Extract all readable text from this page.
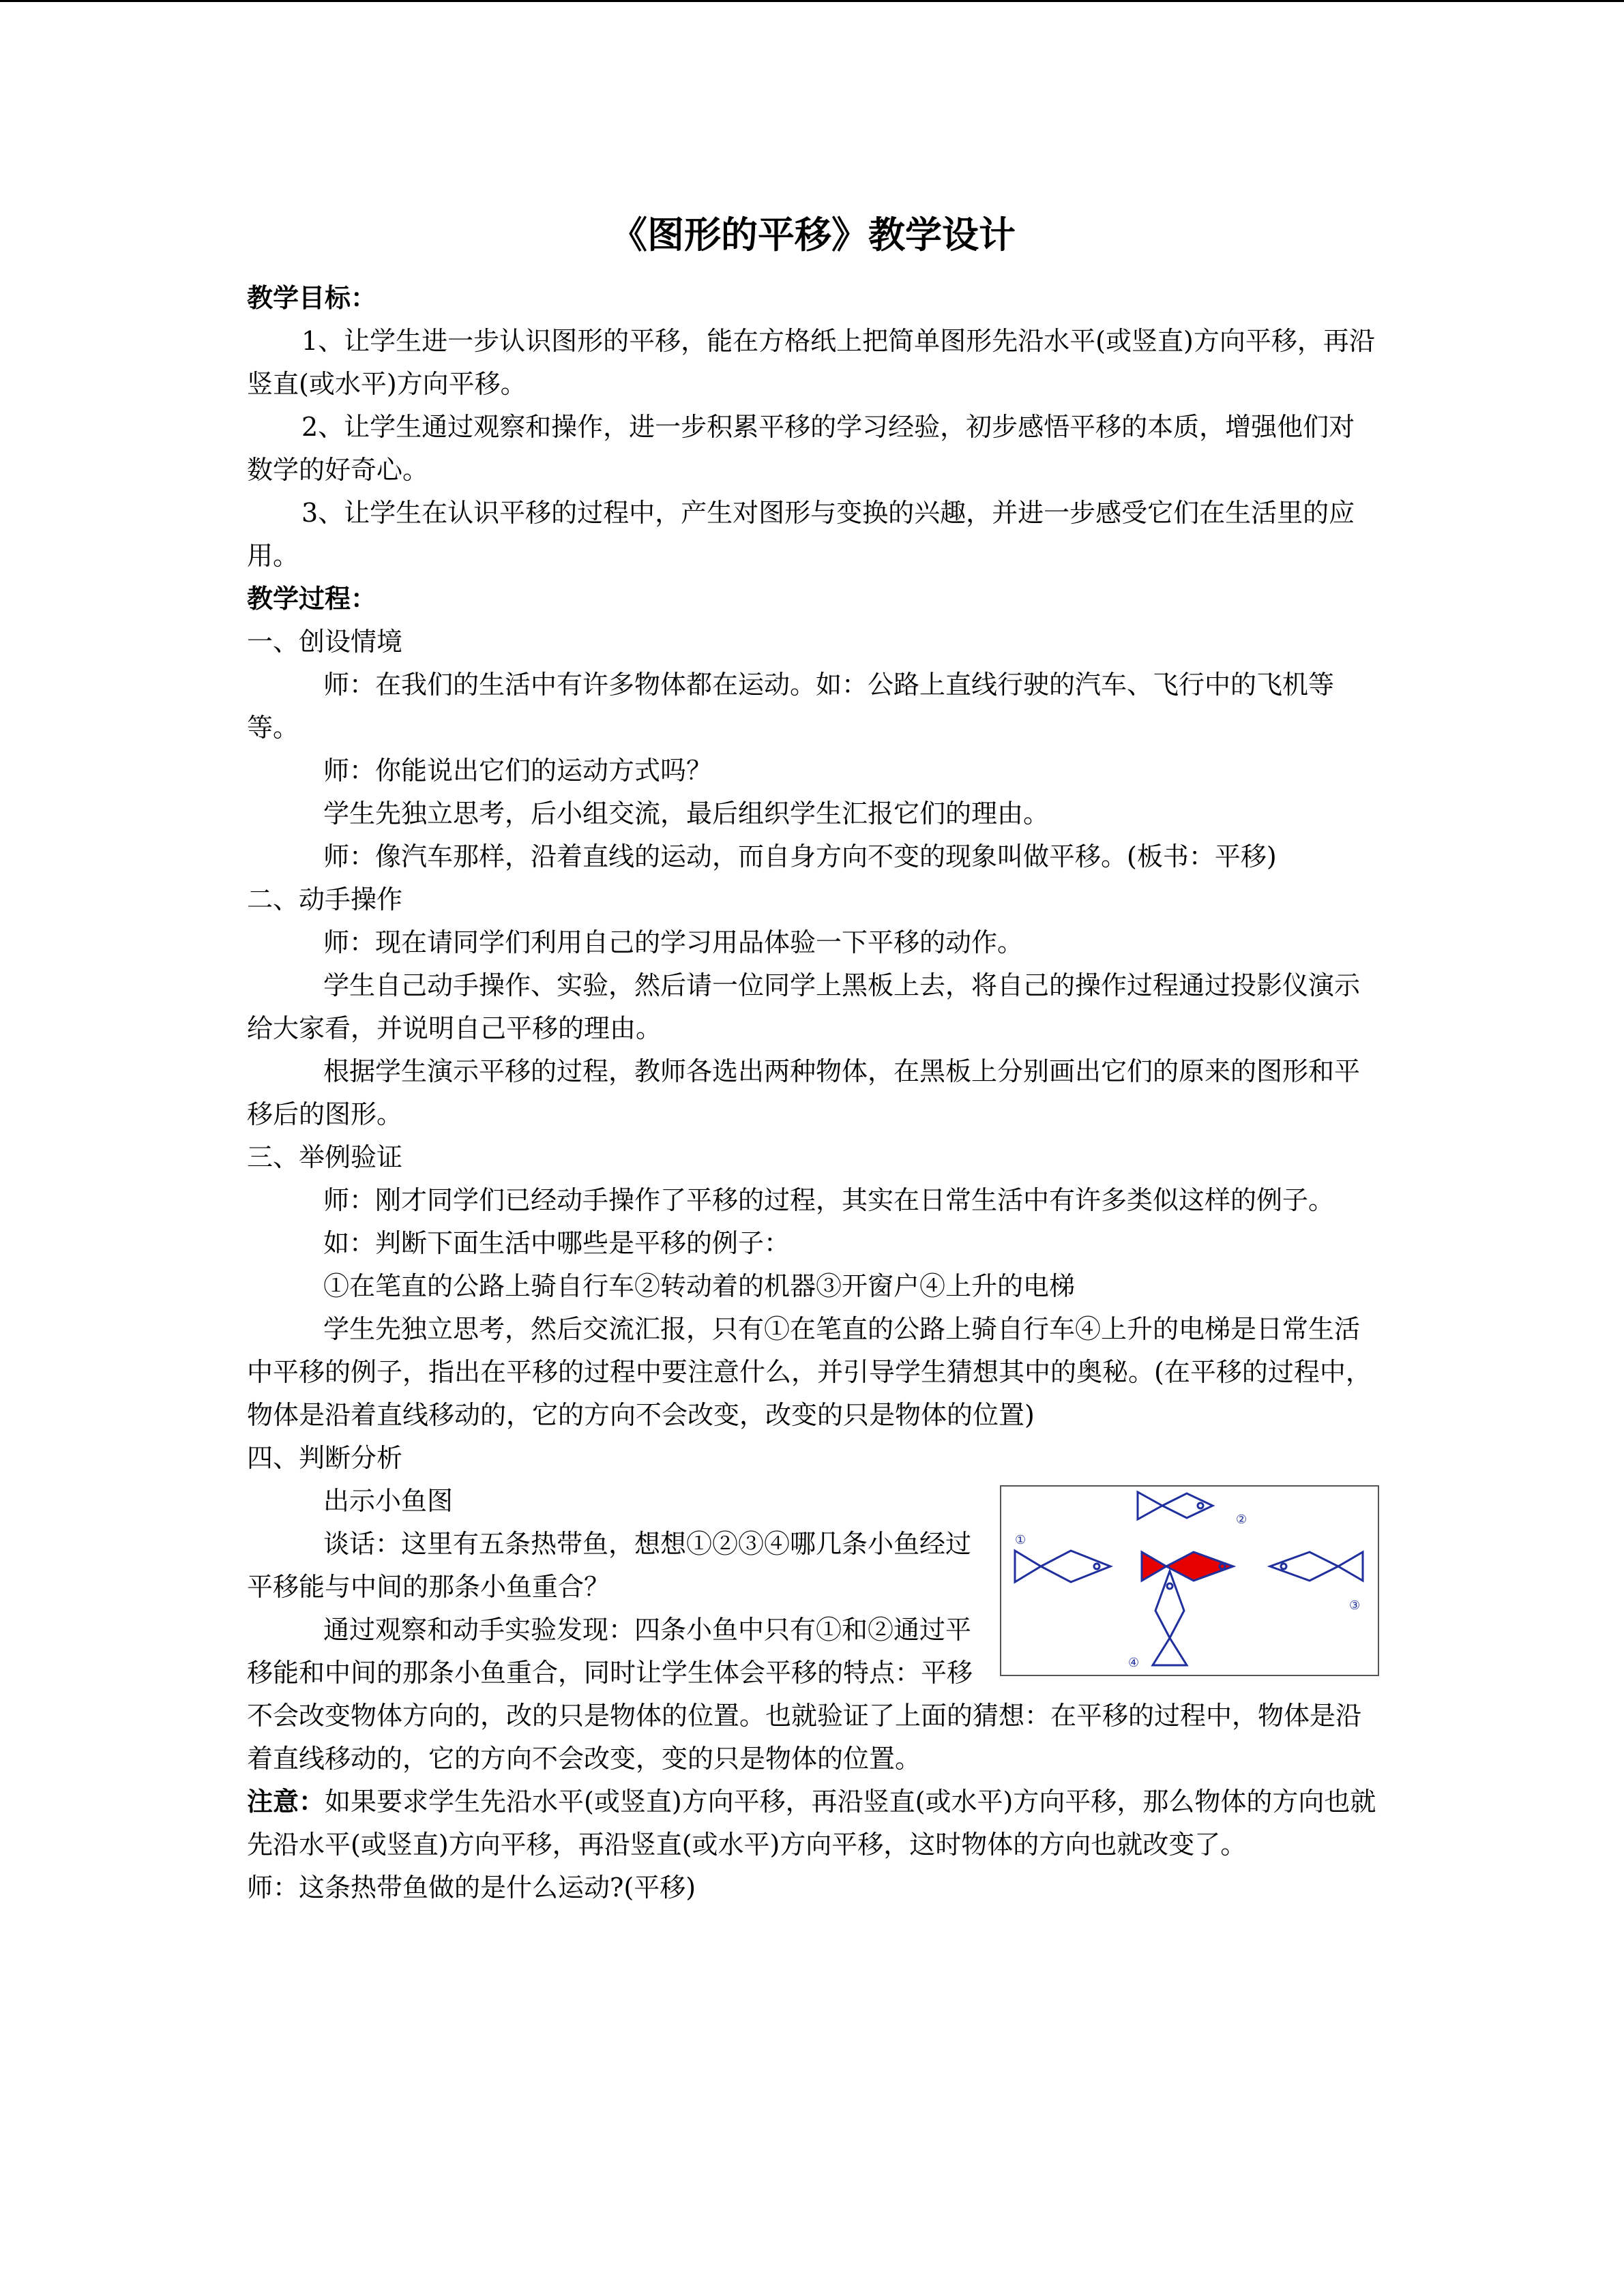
《图形的平移》教学设计

教学目标：

1、让学生进一步认识图形的平移，能在方格纸上把简单图形先沿水平(或竖直)方向平移，再沿竖直(或水平)方向平移。

2、让学生通过观察和操作，进一步积累平移的学习经验，初步感悟平移的本质，增强他们对数学的好奇心。

3、让学生在认识平移的过程中，产生对图形与变换的兴趣，并进一步感受它们在生活里的应用。

教学过程：

一、创设情境

师：在我们的生活中有许多物体都在运动。如：公路上直线行驶的汽车、飞行中的飞机等等。

师：你能说出它们的运动方式吗？

学生先独立思考，后小组交流，最后组织学生汇报它们的理由。

师：像汽车那样，沿着直线的运动，而自身方向不变的现象叫做平移。(板书：平移)

二、动手操作

师：现在请同学们利用自己的学习用品体验一下平移的动作。

学生自己动手操作、实验，然后请一位同学上黑板上去，将自己的操作过程通过投影仪演示给大家看，并说明自己平移的理由。

根据学生演示平移的过程，教师各选出两种物体，在黑板上分别画出它们的原来的图形和平移后的图形。

三、举例验证

师：刚才同学们已经动手操作了平移的过程，其实在日常生活中有许多类似这样的例子。

如：判断下面生活中哪些是平移的例子：

①在笔直的公路上骑自行车②转动着的机器③开窗户④上升的电梯

学生先独立思考，然后交流汇报，只有①在笔直的公路上骑自行车④上升的电梯是日常生活中平移的例子，指出在平移的过程中要注意什么，并引导学生猜想其中的奥秘。(在平移的过程中，物体是沿着直线移动的，它的方向不会改变，改变的只是物体的位置)

四、判断分析

②
①
③
④

出示小鱼图

谈话：这里有五条热带鱼，想想①②③④哪几条小鱼经过平移能与中间的那条小鱼重合？

通过观察和动手实验发现：四条小鱼中只有①和②通过平移能和中间的那条小鱼重合，同时让学生体会平移的特点：平移不会改变物体方向的，改的只是物体的位置。也就验证了上面的猜想：在平移的过程中，物体是沿着直线移动的，它的方向不会改变，变的只是物体的位置。

注意：如果要求学生先沿水平(或竖直)方向平移，再沿竖直(或水平)方向平移，那么物体的方向也就先沿水平(或竖直)方向平移，再沿竖直(或水平)方向平移，这时物体的方向也就改变了。

师：这条热带鱼做的是什么运动?(平移)
